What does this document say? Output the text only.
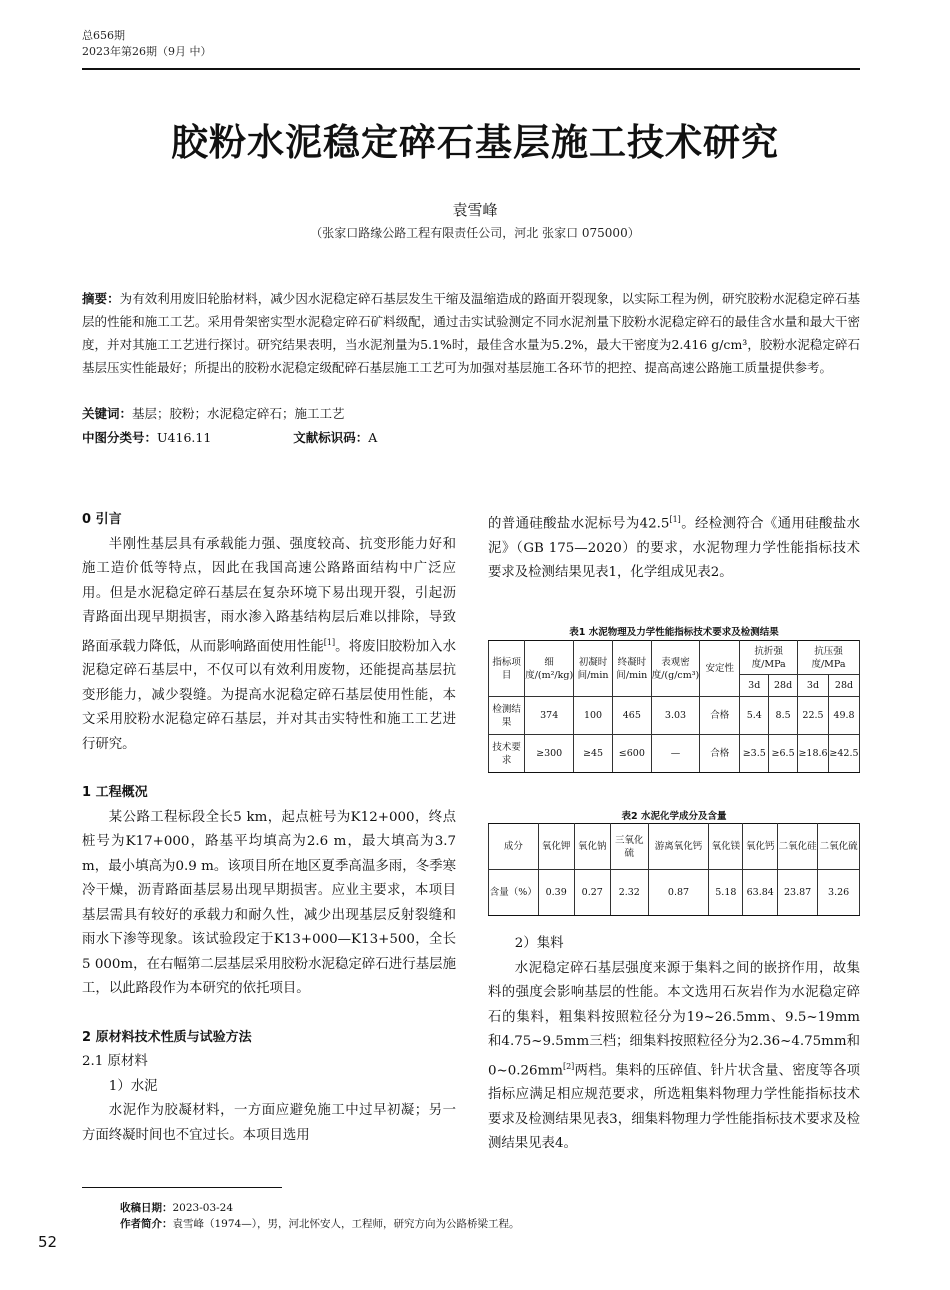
总656期
2023年第26期（9月 中）
胶粉水泥稳定碎石基层施工技术研究
袁雪峰
（张家口路缘公路工程有限责任公司，河北 张家口 075000）
摘要：为有效利用废旧轮胎材料，减少因水泥稳定碎石基层发生干缩及温缩造成的路面开裂现象，以实际工程为例，研究胶粉水泥稳定碎石基层的性能和施工工艺。采用骨架密实型水泥稳定碎石矿料级配，通过击实试验测定不同水泥剂量下胶粉水泥稳定碎石的最佳含水量和最大干密度，并对其施工工艺进行探讨。研究结果表明，当水泥剂量为5.1%时，最佳含水量为5.2%，最大干密度为2.416 g/cm³，胶粉水泥稳定碎石基层压实性能最好；所提出的胶粉水泥稳定级配碎石基层施工工艺可为加强对基层施工各环节的把控、提高高速公路施工质量提供参考。
关键词：基层；胶粉；水泥稳定碎石；施工工艺
中图分类号：U416.11	文献标识码：A

0 引言

半刚性基层具有承载能力强、强度较高、抗变形能力好和施工造价低等特点，因此在我国高速公路路面结构中广泛应用。但是水泥稳定碎石基层在复杂环境下易出现开裂，引起沥青路面出现早期损害，雨水渗入路基结构层后难以排除，导致路面承载力降低，从而影响路面使用性能[1]。将废旧胶粉加入水泥稳定碎石基层中，不仅可以有效利用废物，还能提高基层抗变形能力，减少裂缝。为提高水泥稳定碎石基层使用性能，本文采用胶粉水泥稳定碎石基层，并对其击实特性和施工工艺进行研究。

1 工程概况

某公路工程标段全长5 km，起点桩号为K12+000，终点桩号为K17+000，路基平均填高为2.6 m，最大填高为3.7 m，最小填高为0.9 m。该项目所在地区夏季高温多雨，冬季寒冷干燥，沥青路面基层易出现早期损害。应业主要求，本项目基层需具有较好的承载力和耐久性，减少出现基层反射裂缝和雨水下渗等现象。该试验段定于K13+000—K13+500，全长5 000m，在右幅第二层基层采用胶粉水泥稳定碎石进行基层施工，以此路段作为本研究的依托项目。

2 原材料技术性质与试验方法

2.1 原材料

1）水泥

水泥作为胶凝材料，一方面应避免施工中过早初凝；另一方面终凝时间也不宜过长。本项目选用

的普通硅酸盐水泥标号为42.5[1]。经检测符合《通用硅酸盐水泥》（GB 175—2020）的要求，水泥物理力学性能指标技术要求及检测结果见表1，化学组成见表2。

表1 水泥物理及力学性能指标技术要求及检测结果
指标项目	细度/(m²/kg)	初凝时间/min	终凝时间/min	表观密度/(g/cm³)	安定性	抗折强度/MPa		抗压强度/MPa	
						3d	28d	3d	28d
检测结果	374	100	465	3.03	合格	5.4	8.5	22.5	49.8
技术要求	≥300	≥45	≤600	—	合格	≥3.5	≥6.5	≥18.6	≥42.5
表2 水泥化学成分及含量
成分	氧化钾	氧化钠	三氧化硫	游离氧化钙	氧化镁	氧化钙	二氧化硅	二氧化硫
含量（%）	0.39	0.27	2.32	0.87	5.18	63.84	23.87	3.26

2）集料

水泥稳定碎石基层强度来源于集料之间的嵌挤作用，故集料的强度会影响基层的性能。本文选用石灰岩作为水泥稳定碎石的集料，粗集料按照粒径分为19~26.5mm、9.5~19mm和4.75~9.5mm三档；细集料按照粒径分为2.36~4.75mm和0~0.26mm[2]两档。集料的压碎值、针片状含量、密度等各项指标应满足相应规范要求，所选粗集料物理力学性能指标技术要求及检测结果见表3，细集料物理力学性能指标技术要求及检测结果见表4。

收稿日期：2023-03-24
作者简介：袁雪峰（1974—），男，河北怀安人，工程师，研究方向为公路桥梁工程。
52
